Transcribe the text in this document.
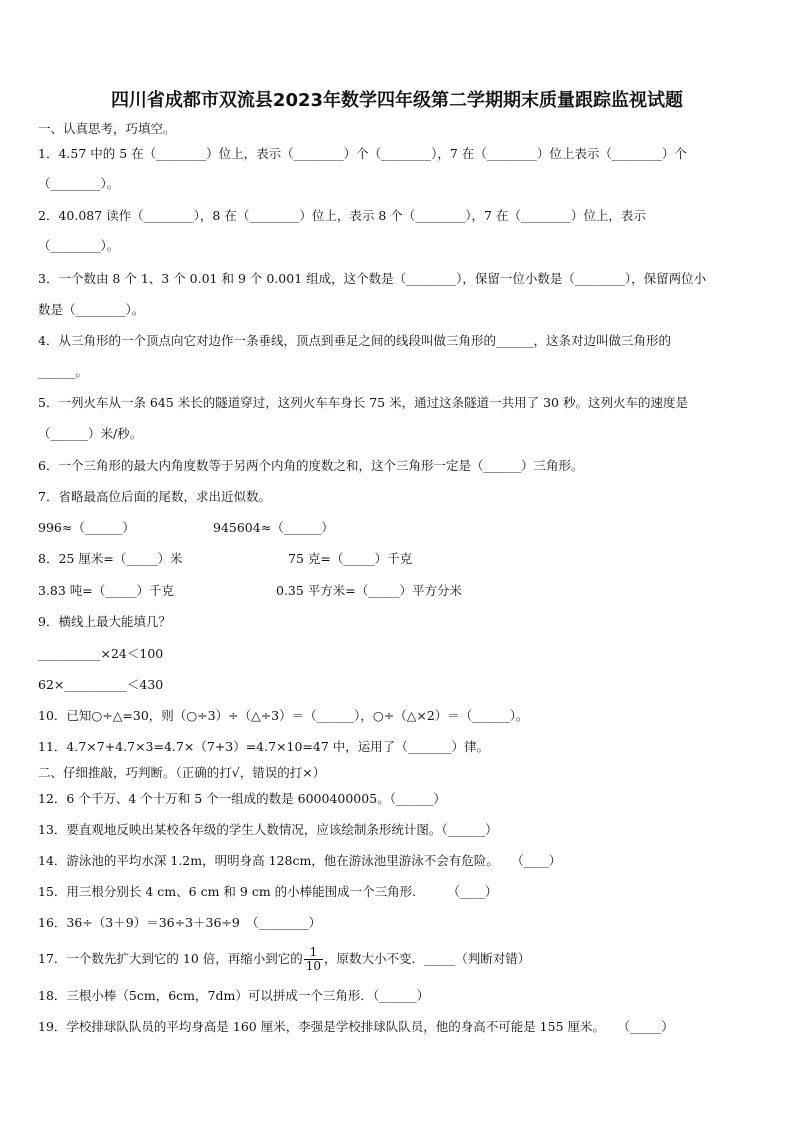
四川省成都市双流县2023年数学四年级第二学期期末质量跟踪监视试题
一、认真思考，巧填空。
1．4.57 中的 5 在（________）位上，表示（________）个（________），7 在（________）位上表示（________）个
（________）。
2．40.087 读作（________），8 在（________）位上，表示 8 个（________），7 在（________）位上，表示
（________）。
3．一个数由 8 个 1、3 个 0.01 和 9 个 0.001 组成，这个数是（________），保留一位小数是（________），保留两位小
数是（________）。
4．从三角形的一个顶点向它对边作一条垂线，顶点到垂足之间的线段叫做三角形的______，这条对边叫做三角形的
______。
5．一列火车从一条 645 米长的隧道穿过，这列火车车身长 75 米，通过这条隧道一共用了 30 秒。这列火车的速度是
（______）米/秒。
6．一个三角形的最大内角度数等于另两个内角的度数之和，这个三角形一定是（______）三角形。
7．省略最高位后面的尾数，求出近似数。
996≈（______）	945604≈（______）
8．25 厘米=（_____）米	75 克=（_____）千克
3.83 吨=（_____）千克	0.35 平方米=（_____）平方分米
9．横线上最大能填几？
__________×24＜100
62×__________＜430
10．已知○÷△=30，则（○÷3）÷（△÷3）＝（______），○÷（△×2）＝（______）。
11．4.7×7+4.7×3=4.7×（7+3）=4.7×10=47 中，运用了（_______）律。
二、仔细推敲，巧判断。（正确的打√，错误的打×）
12．6 个千万、4 个十万和 5 个一组成的数是 6000400005。（______）
13．要直观地反映出某校各年级的学生人数情况，应该绘制条形统计图。（______）
14．游泳池的平均水深 1.2m，明明身高 128cm，他在游泳池里游泳不会有危险。　　（____）
15．用三根分别长 4 cm、6 cm 和 9 cm 的小棒能围成一个三角形.　　　（____）
16．36÷（3＋9）＝36÷3＋36÷9　（________）
17．一个数先扩大到它的 10 倍，再缩小到它的 $\frac{1}{10}$ ，原数大小不变．_____（判断对错）
18．三根小棒（5cm，6cm，7dm）可以拼成一个三角形．（______）
19．学校排球队队员的平均身高是 160 厘米，李强是学校排球队队员，他的身高不可能是 155 厘米。　　（_____）
